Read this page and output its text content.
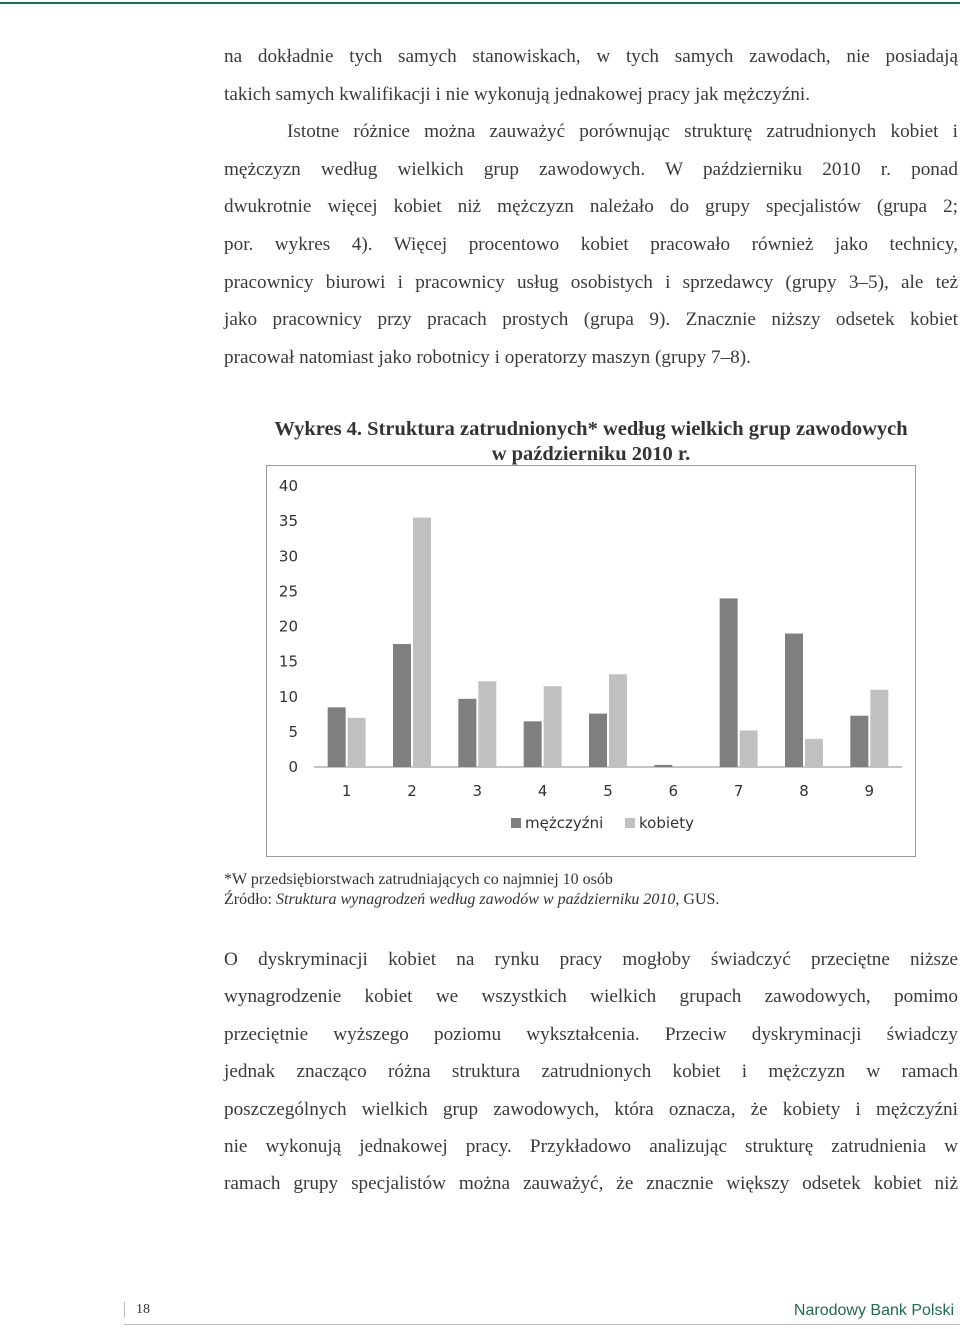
na dokładnie tych samych stanowiskach, w tych samych zawodach, nie posiadają
takich samych kwalifikacji i nie wykonują jednakowej pracy jak mężczyźni.
Istotne różnice można zauważyć porównując strukturę zatrudnionych kobiet i
mężczyzn według wielkich grup zawodowych. W październiku 2010 r. ponad
dwukrotnie więcej kobiet niż mężczyzn należało do grupy specjalistów (grupa 2;
por. wykres 4). Więcej procentowo kobiet pracowało również jako technicy,
pracownicy biurowi i pracownicy usług osobistych i sprzedawcy (grupy 3–5), ale też
jako pracownicy przy pracach prostych (grupa 9). Znacznie niższy odsetek kobiet
pracował natomiast jako robotnicy i operatorzy maszyn (grupy 7–8).
Wykres 4. Struktura zatrudnionych* według wielkich grup zawodowych
w październiku 2010 r.
0
5
10
15
20
25
30
35
40
1	2	3	4	5	6	7	8	9
mężczyźni kobiety
*W przedsiębiorstwach zatrudniających co najmniej 10 osób
Źródło: Struktura wynagrodzeń według zawodów w październiku 2010, GUS.
O dyskryminacji kobiet na rynku pracy mogłoby świadczyć przeciętne niższe
wynagrodzenie kobiet we wszystkich wielkich grupach zawodowych, pomimo
przeciętnie wyższego poziomu wykształcenia. Przeciw dyskryminacji świadczy
jednak znacząco różna struktura zatrudnionych kobiet i mężczyzn w ramach
poszczególnych wielkich grup zawodowych, która oznacza, że kobiety i mężczyźni
nie wykonują jednakowej pracy. Przykładowo analizując strukturę zatrudnienia w
ramach grupy specjalistów można zauważyć, że znacznie większy odsetek kobiet niż
18	Narodowy Bank Polski
